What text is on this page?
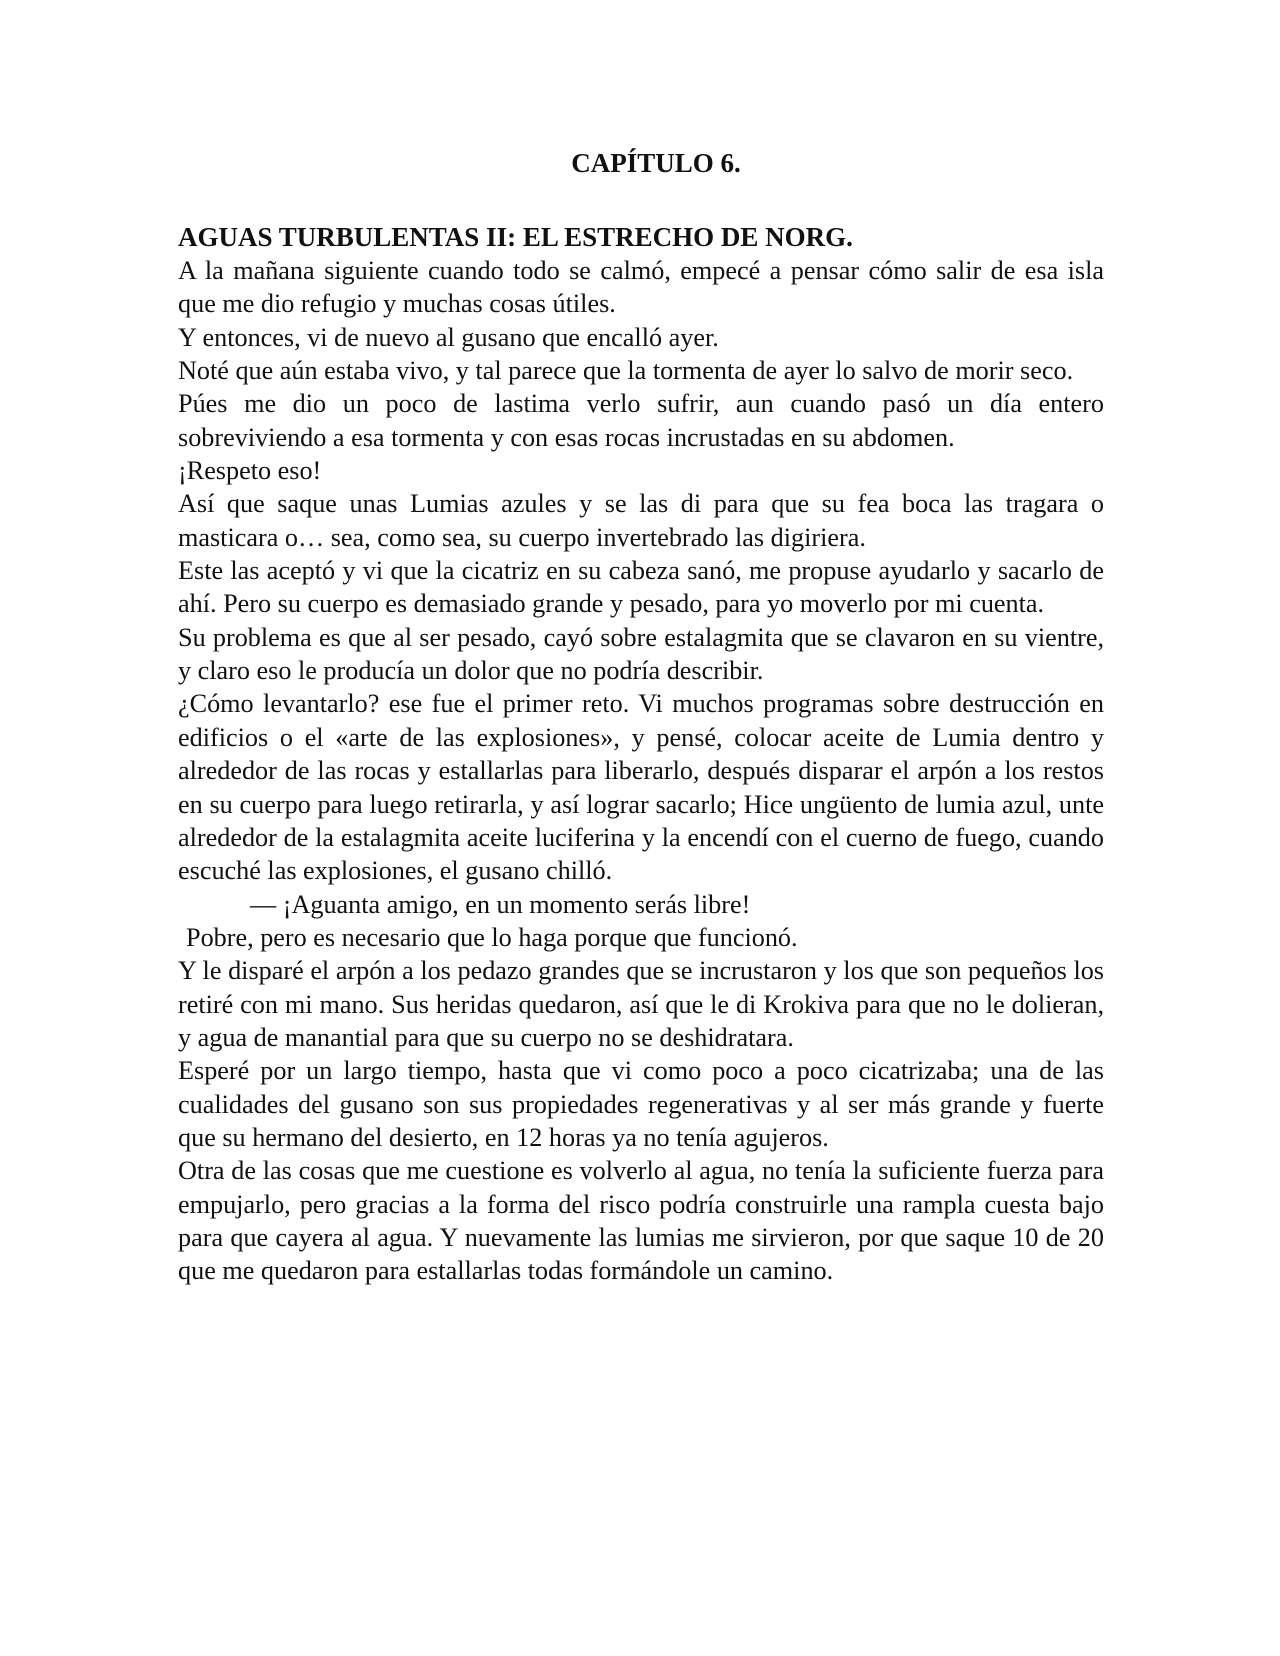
CAPÍTULO 6.
AGUAS TURBULENTAS II: EL ESTRECHO DE NORG.

A la mañana siguiente cuando todo se calmó, empecé a pensar cómo salir de esa isla que me dio refugio y muchas cosas útiles.

Y entonces, vi de nuevo al gusano que encalló ayer.

Noté que aún estaba vivo, y tal parece que la tormenta de ayer lo salvo de morir seco.

Púes me dio un poco de lastima verlo sufrir, aun cuando pasó un día entero sobreviviendo a esa tormenta y con esas rocas incrustadas en su abdomen.

¡Respeto eso!

Así que saque unas Lumias azules y se las di para que su fea boca las tragara o masticara o… sea, como sea, su cuerpo invertebrado las digiriera.

Este las aceptó y vi que la cicatriz en su cabeza sanó, me propuse ayudarlo y sacarlo de ahí. Pero su cuerpo es demasiado grande y pesado, para yo moverlo por mi cuenta.

Su problema es que al ser pesado, cayó sobre estalagmita que se clavaron en su vientre, y claro eso le producía un dolor que no podría describir.

¿Cómo levantarlo? ese fue el primer reto. Vi muchos programas sobre destrucción en edificios o el «arte de las explosiones», y pensé, colocar aceite de Lumia dentro y alrededor de las rocas y estallarlas para liberarlo, después disparar el arpón a los restos en su cuerpo para luego retirarla, y así lograr sacarlo; Hice ungüento de lumia azul, unte alrededor de la estalagmita aceite luciferina y la encendí con el cuerno de fuego, cuando escuché las explosiones, el gusano chilló.

— ¡Aguanta amigo, en un momento serás libre!

Pobre, pero es necesario que lo haga porque que funcionó.

Y le disparé el arpón a los pedazo grandes que se incrustaron y los que son pequeños los retiré con mi mano. Sus heridas quedaron, así que le di Krokiva para que no le dolieran, y agua de manantial para que su cuerpo no se deshidratara.

Esperé por un largo tiempo, hasta que vi como poco a poco cicatrizaba; una de las cualidades del gusano son sus propiedades regenerativas y al ser más grande y fuerte que su hermano del desierto, en 12 horas ya no tenía agujeros.

Otra de las cosas que me cuestione es volverlo al agua, no tenía la suficiente fuerza para empujarlo, pero gracias a la forma del risco podría construirle una rampla cuesta bajo para que cayera al agua. Y nuevamente las lumias me sirvieron, por que saque 10 de 20 que me quedaron para estallarlas todas formándole un camino.
